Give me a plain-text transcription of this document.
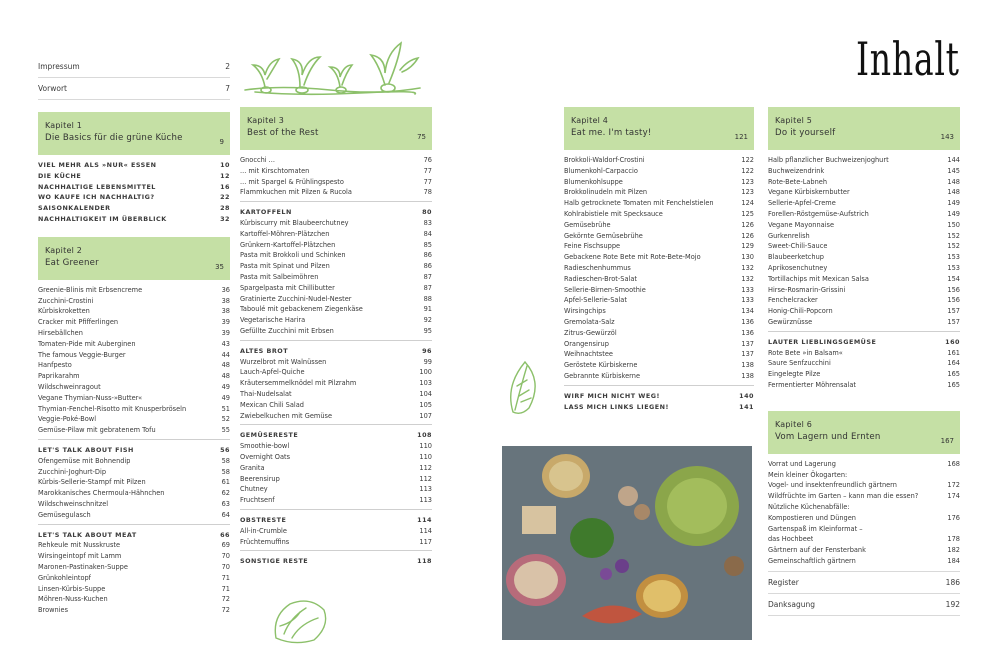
Inhalt
Impressum	2
Vorwort	7
Kapitel 1
Die Basics für die grüne Küche	9
VIEL MEHR ALS »NUR« ESSEN	10
DIE KÜCHE	12
NACHHALTIGE LEBENSMITTEL	16
WO KAUFE ICH NACHHALTIG?	22
SAISONKALENDER	28
NACHHALTIGKEIT IM ÜBERBLICK	32
Kapitel 2
Eat Greener	35
Greenie-Blinis mit Erbsencreme	36
Zucchini-Crostini	38
Kürbiskroketten	38
Cracker mit Pfifferlingen	39
Hirsebällchen	39
Tomaten-Pide mit Auberginen	43
The famous Veggie-Burger	44
Hanfpesto	48
Paprikarahm	48
Wildschweinragout	49
Vegane Thymian-Nuss-»Butter«	49
Thymian-Fenchel-Risotto mit Knusperbröseln	51
Veggie-Poké-Bowl	52
Gemüse-Pilaw mit gebratenem Tofu	55
LET'S TALK ABOUT FISH	56
Ofengemüse mit Bohnendip	58
Zucchini-Joghurt-Dip	58
Kürbis-Sellerie-Stampf mit Pilzen	61
Marokkanisches Chermoula-Hähnchen	62
Wildschweinschnitzel	63
Gemüsegulasch	64
LET'S TALK ABOUT MEAT	66
Rehkeule mit Nusskruste	69
Wirsingeintopf mit Lamm	70
Maronen-Pastinaken-Suppe	70
Grünkohleintopf	71
Linsen-Kürbis-Suppe	71
Möhren-Nuss-Kuchen	72
Brownies	72
Kapitel 3
Best of the Rest	75
Gnocchi ...	76
... mit Kirschtomaten	77
... mit Spargel & Frühlingspesto	77
Flammkuchen mit Pilzen & Rucola	78
KARTOFFELN	80
Kürbiscurry mit Blaubeerchutney	83
Kartoffel-Möhren-Plätzchen	84
Grünkern-Kartoffel-Plätzchen	85
Pasta mit Brokkoli und Schinken	86
Pasta mit Spinat und Pilzen	86
Pasta mit Salbeimöhren	87
Spargelpasta mit Chillibutter	87
Gratinierte Zucchini-Nudel-Nester	88
Taboulé mit gebackenem Ziegenkäse	91
Vegetarische Harira	92
Gefüllte Zucchini mit Erbsen	95
ALTES BROT	96
Wurzelbrot mit Walnüssen	99
Lauch-Apfel-Quiche	100
Kräutersemmelknödel mit Pilzrahm	103
Thai-Nudelsalat	104
Mexican Chili Salad	105
Zwiebelkuchen mit Gemüse	107
GEMÜSERESTE	108
Smoothie-bowl	110
Overnight Oats	110
Granita	112
Beerensirup	112
Chutney	113
Fruchtsenf	113
OBSTRESTE	114
All-in-Crumble	114
Früchtemuffins	117
SONSTIGE RESTE	118
Kapitel 4
Eat me. I'm tasty!	121
Brokkoli-Waldorf-Crostini	122
Blumenkohl-Carpaccio	122
Blumenkohlsuppe	123
Brokkolinudeln mit Pilzen	123
Halb getrocknete Tomaten mit Fenchelstielen	124
Kohlrabistiele mit Specksauce	125
Gemüsebrühe	126
Gekörnte Gemüsebrühe	126
Feine Fischsuppe	129
Gebackene Rote Bete mit Rote-Bete-Mojo	130
Radieschenhummus	132
Radieschen-Brot-Salat	132
Sellerie-Birnen-Smoothie	133
Apfel-Sellerie-Salat	133
Wirsingchips	134
Gremolata-Salz	136
Zitrus-Gewürzöl	136
Orangensirup	137
Weihnachtstee	137
Geröstete Kürbiskerne	138
Gebrannte Kürbiskerne	138
WIRF MICH NICHT WEG!	140
LASS MICH LINKS LIEGEN!	141
Kapitel 5
Do it yourself	143
Halb pflanzlicher Buchweizenjoghurt	144
Buchweizendrink	145
Rote-Bete-Labneh	148
Vegane Kürbiskernbutter	148
Sellerie-Apfel-Creme	149
Forellen-Röstgemüse-Aufstrich	149
Vegane Mayonnaise	150
Gurkenrelish	152
Sweet-Chili-Sauce	152
Blaubeerketchup	153
Aprikosenchutney	153
Tortillachips mit Mexican Salsa	154
Hirse-Rosmarin-Grissini	156
Fenchelcracker	156
Honig-Chili-Popcorn	157
Gewürznüsse	157
LAUTER LIEBLINGSGEMÜSE	160
Rote Bete »in Balsam«	161
Saure Senfzucchini	164
Eingelegte Pilze	165
Fermentierter Möhrensalat	165
Kapitel 6
Vom Lagern und Ernten	167
Vorrat und Lagerung	168
Mein kleiner Ökogarten:
Vogel- und insektenfreundlich gärtnern	172
Wildfrüchte im Garten – kann man die essen?	174
Nützliche Küchenabfälle:
Kompostieren und Düngen	176
Gartenspaß im Kleinformat –
das Hochbeet	178
Gärtnern auf der Fensterbank	182
Gemeinschaftlich gärtnern	184
Register	186
Danksagung	192
